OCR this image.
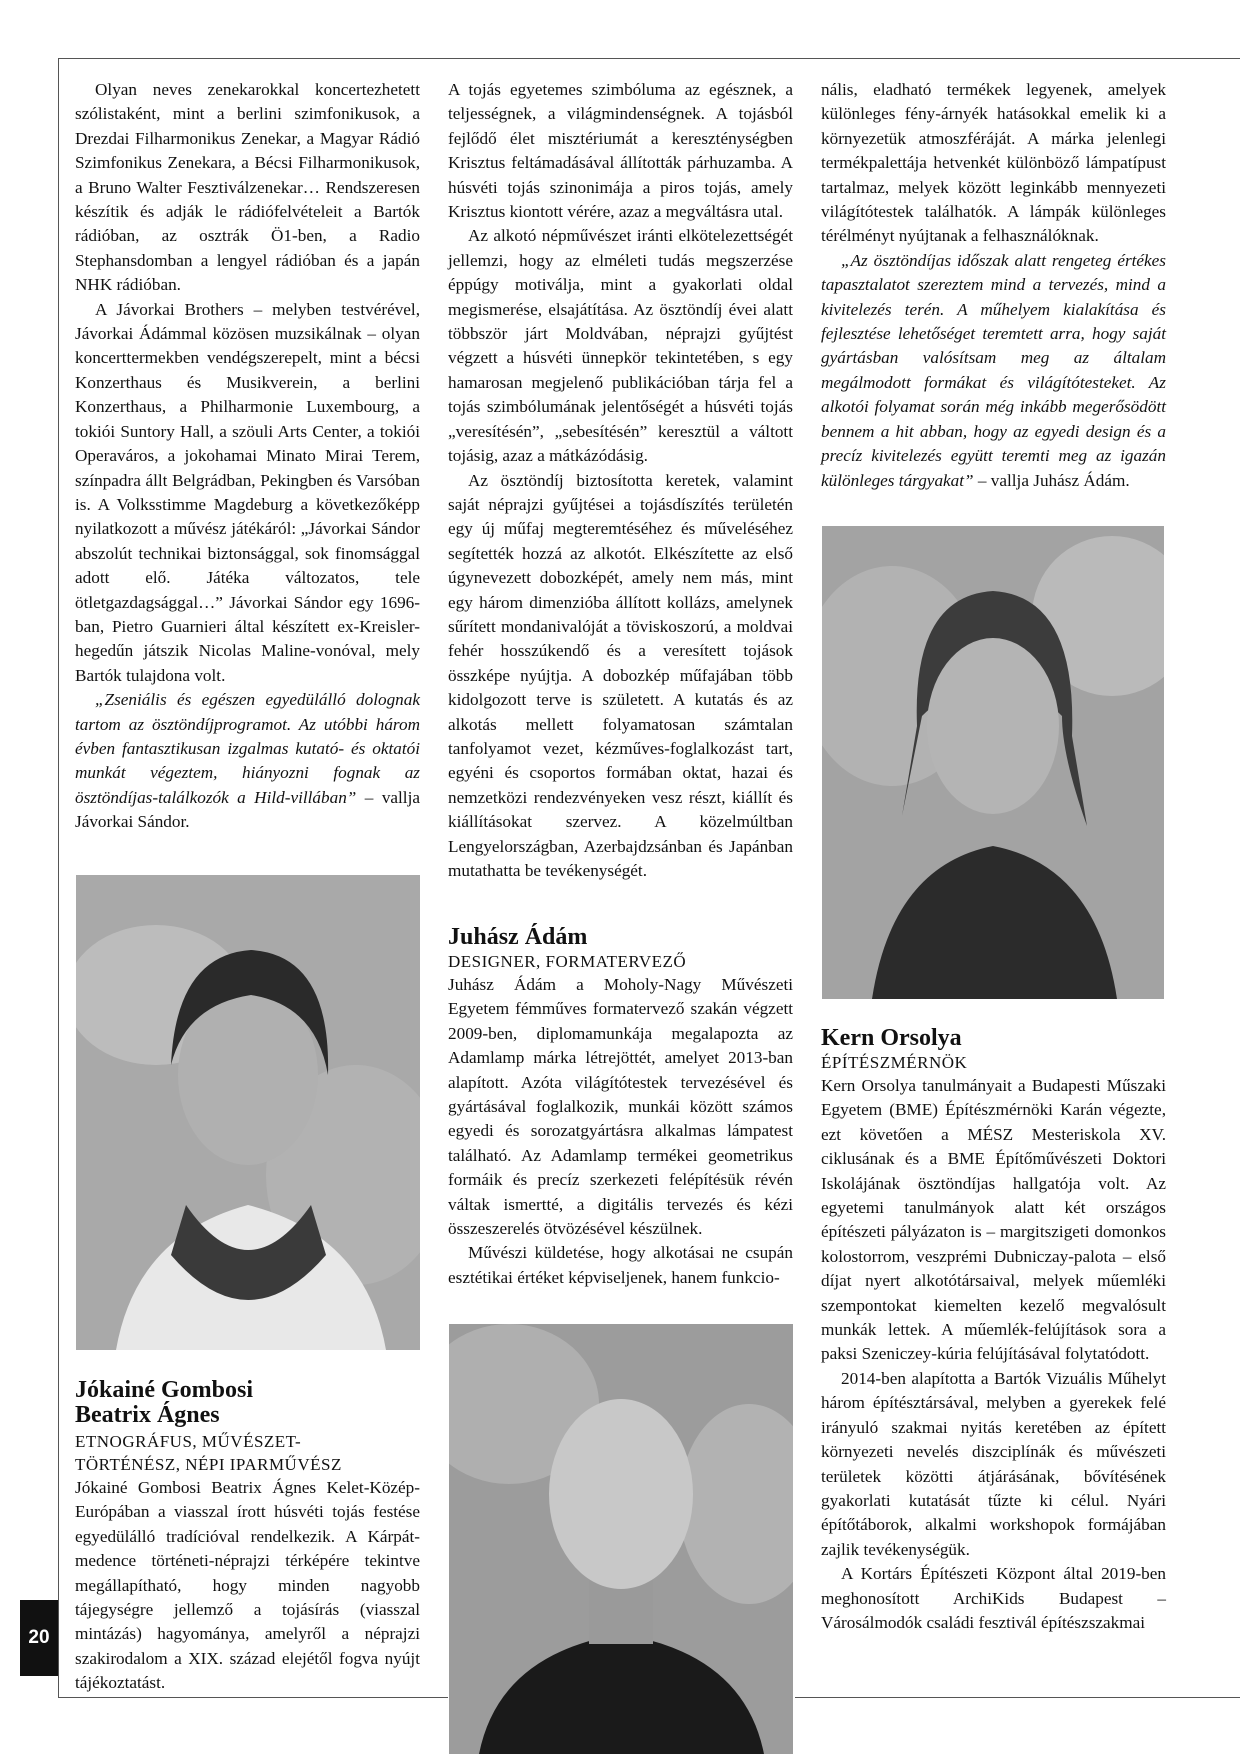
Olyan neves zenekarokkal koncertezhetett szólistaként, mint a berlini szimfonikusok, a Drezdai Filharmonikus Zenekar, a Magyar Rádió Szimfonikus Zenekara, a Bécsi Filharmonikusok, a Bruno Walter Fesztiválzenekar… Rendszeresen készítik és adják le rádiófelvételeit a Bartók rádióban, az osztrák Ö1-ben, a Radio Stephansdomban a lengyel rádióban és a japán NHK rádióban.

A Jávorkai Brothers – melyben testvérével, Jávorkai Ádámmal közösen muzsikálnak – olyan koncerttermekben vendégszerepelt, mint a bécsi Konzerthaus és Musikverein, a berlini Konzerthaus, a Philharmonie Luxembourg, a tokiói Suntory Hall, a szöuli Arts Center, a tokiói Operaváros, a jokohamai Minato Mirai Terem, színpadra állt Belgrádban, Pekingben és Varsóban is. A Volksstimme Magdeburg a következőképp nyilatkozott a művész játékáról: „Jávorkai Sándor abszolút technikai biztonsággal, sok finomsággal adott elő. Játéka változatos, tele ötletgazdagsággal…” Jávorkai Sándor egy 1696-ban, Pietro Guarnieri által készített ex-Kreisler-hegedűn játszik Nicolas Maline-vonóval, mely Bartók tulajdona volt.

„Zseniális és egészen egyedülálló dolognak tartom az ösztöndíjprogramot. Az utóbbi három évben fantasztikusan izgalmas kutató- és oktatói munkát végeztem, hiányozni fognak az ösztöndíjas-találkozók a Hild-villában” – vallja Jávorkai Sándor.

Jókainé Gombosi
Beatrix Ágnes

ETNOGRÁFUS, MŰVÉSZET-
TÖRTÉNÉSZ, NÉPI IPARMŰVÉSZ

Jókainé Gombosi Beatrix Ágnes Kelet-Közép-Európában a viasszal írott húsvéti tojás festése egyedülálló tradícióval rendelkezik. A Kárpát-medence történeti-néprajzi térképére tekintve megállapítható, hogy minden nagyobb tájegységre jellemző a tojásírás (viasszal mintázás) hagyománya, amelyről a néprajzi szakirodalom a XIX. század elejétől fogva nyújt tájékoztatást.

A tojás egyetemes szimbóluma az egésznek, a teljességnek, a világmindenségnek. A tojásból fejlődő élet misztériumát a kereszténységben Krisztus feltámadásával állították párhuzamba. A húsvéti tojás szinonimája a piros tojás, amely Krisztus kiontott vérére, azaz a megváltásra utal.

Az alkotó népművészet iránti elkötelezettségét jellemzi, hogy az elméleti tudás megszerzése éppúgy motiválja, mint a gyakorlati oldal megismerése, elsajátítása. Az ösztöndíj évei alatt többször járt Moldvában, néprajzi gyűjtést végzett a húsvéti ünnepkör tekintetében, s egy hamarosan megjelenő publikációban tárja fel a tojás szimbólumának jelentőségét a húsvéti tojás „veresítésén”, „sebesítésén” keresztül a váltott tojásig, azaz a mátkázódásig.

Az ösztöndíj biztosította keretek, valamint saját néprajzi gyűjtései a tojásdíszítés területén egy új műfaj megteremtéséhez és műveléséhez segítették hozzá az alkotót. Elkészítette az első úgynevezett dobozképét, amely nem más, mint egy három dimenzióba állított kollázs, amelynek sűrített mondanivalóját a töviskoszorú, a moldvai fehér hosszúkendő és a veresített tojások összképe nyújtja. A dobozkép műfajában több kidolgozott terve is született. A kutatás és az alkotás mellett folyamatosan számtalan tanfolyamot vezet, kézműves-foglalkozást tart, egyéni és csoportos formában oktat, hazai és nemzetközi rendezvényeken vesz részt, kiállít és kiállításokat szervez. A közelmúltban Lengyelországban, Azerbajdzsánban és Japánban mutathatta be tevékenységét.

Juhász Ádám

DESIGNER, FORMATERVEZŐ

Juhász Ádám a Moholy-Nagy Művészeti Egyetem fémműves formatervező szakán végzett 2009-ben, diplomamunkája megalapozta az Adamlamp márka létrejöttét, amelyet 2013-ban alapított. Azóta világítótestek tervezésével és gyártásával foglalkozik, munkái között számos egyedi és sorozatgyártásra alkalmas lámpatest található. Az Adamlamp termékei geometrikus formáik és precíz szerkezeti felépítésük révén váltak ismertté, a digitális tervezés és kézi összeszerelés ötvözésével készülnek.

Művészi küldetése, hogy alkotásai ne csupán esztétikai értéket képviseljenek, hanem funkcio-

nális, eladható termékek legyenek, amelyek különleges fény-árnyék hatásokkal emelik ki a környezetük atmoszféráját. A márka jelenlegi termékpalettája hetvenkét különböző lámpatípust tartalmaz, melyek között leginkább mennyezeti világítótestek találhatók. A lámpák különleges térélményt nyújtanak a felhasználóknak.

„Az ösztöndíjas időszak alatt rengeteg értékes tapasztalatot szereztem mind a tervezés, mind a kivitelezés terén. A műhelyem kialakítása és fejlesztése lehetőséget teremtett arra, hogy saját gyártásban valósítsam meg az általam megálmodott formákat és világítótesteket. Az alkotói folyamat során még inkább megerősödött bennem a hit abban, hogy az egyedi design és a precíz kivitelezés együtt teremti meg az igazán különleges tárgyakat” – vallja Juhász Ádám.

Kern Orsolya

ÉPÍTÉSZMÉRNÖK

Kern Orsolya tanulmányait a Budapesti Műszaki Egyetem (BME) Építészmérnöki Karán végezte, ezt követően a MÉSZ Mesteriskola XV. ciklusának és a BME Építőművészeti Doktori Iskolájának ösztöndíjas hallgatója volt. Az egyetemi tanulmányok alatt két országos építészeti pályázaton is – margitszigeti domonkos kolostorrom, veszprémi Dubniczay-palota – első díjat nyert alkotótársaival, melyek műemléki szempontokat kiemelten kezelő megvalósult munkák lettek. A műemlék-felújítások sora a paksi Szeniczey-kúria felújításával folytatódott.

2014-ben alapította a Bartók Vizuális Műhelyt három építésztársával, melyben a gyerekek felé irányuló szakmai nyitás keretében az épített környezeti nevelés diszciplínák és művészeti területek közötti átjárásának, bővítésének gyakorlati kutatását tűzte ki célul. Nyári építőtáborok, alkalmi workshopok formájában zajlik tevékenységük.

A Kortárs Építészeti Központ által 2019-ben meghonosított ArchiKids Budapest – Városálmodók családi fesztivál építészszakmai

20
